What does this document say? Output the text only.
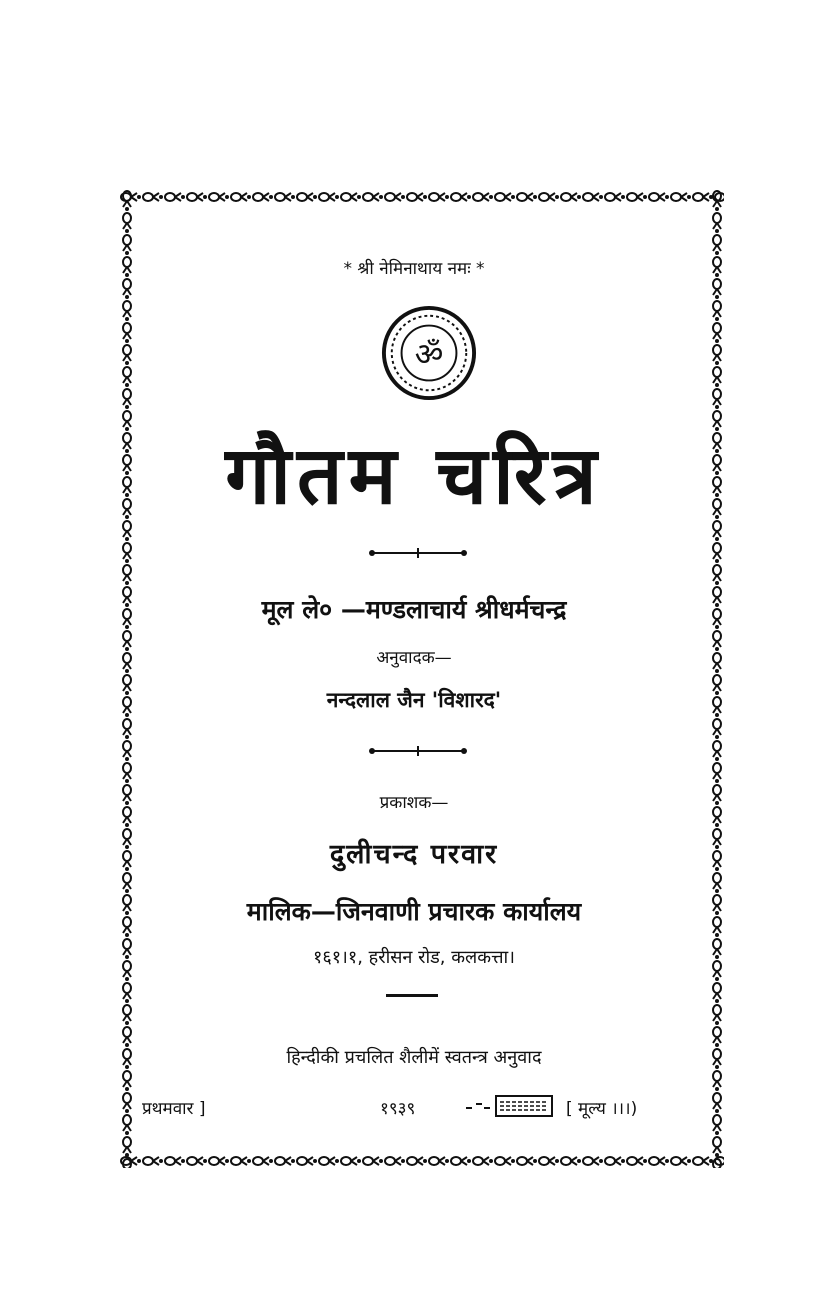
* श्री नेमिनाथाय नमः *
ॐ
गौतम चरित्र
मूल ले० —मण्डलाचार्य श्रीधर्मचन्द्र
अनुवादक—
नन्दलाल जैन 'विशारद'
प्रकाशक—
दुलीचन्द परवार
मालिक—जिनवाणी प्रचारक कार्यालय
१६१।१, हरीसन रोड, कलकत्ता।
हिन्दीकी प्रचलित शैलीमें स्वतन्त्र अनुवाद
प्रथमवार ]	१९३९	[ मूल्य ।।।)
